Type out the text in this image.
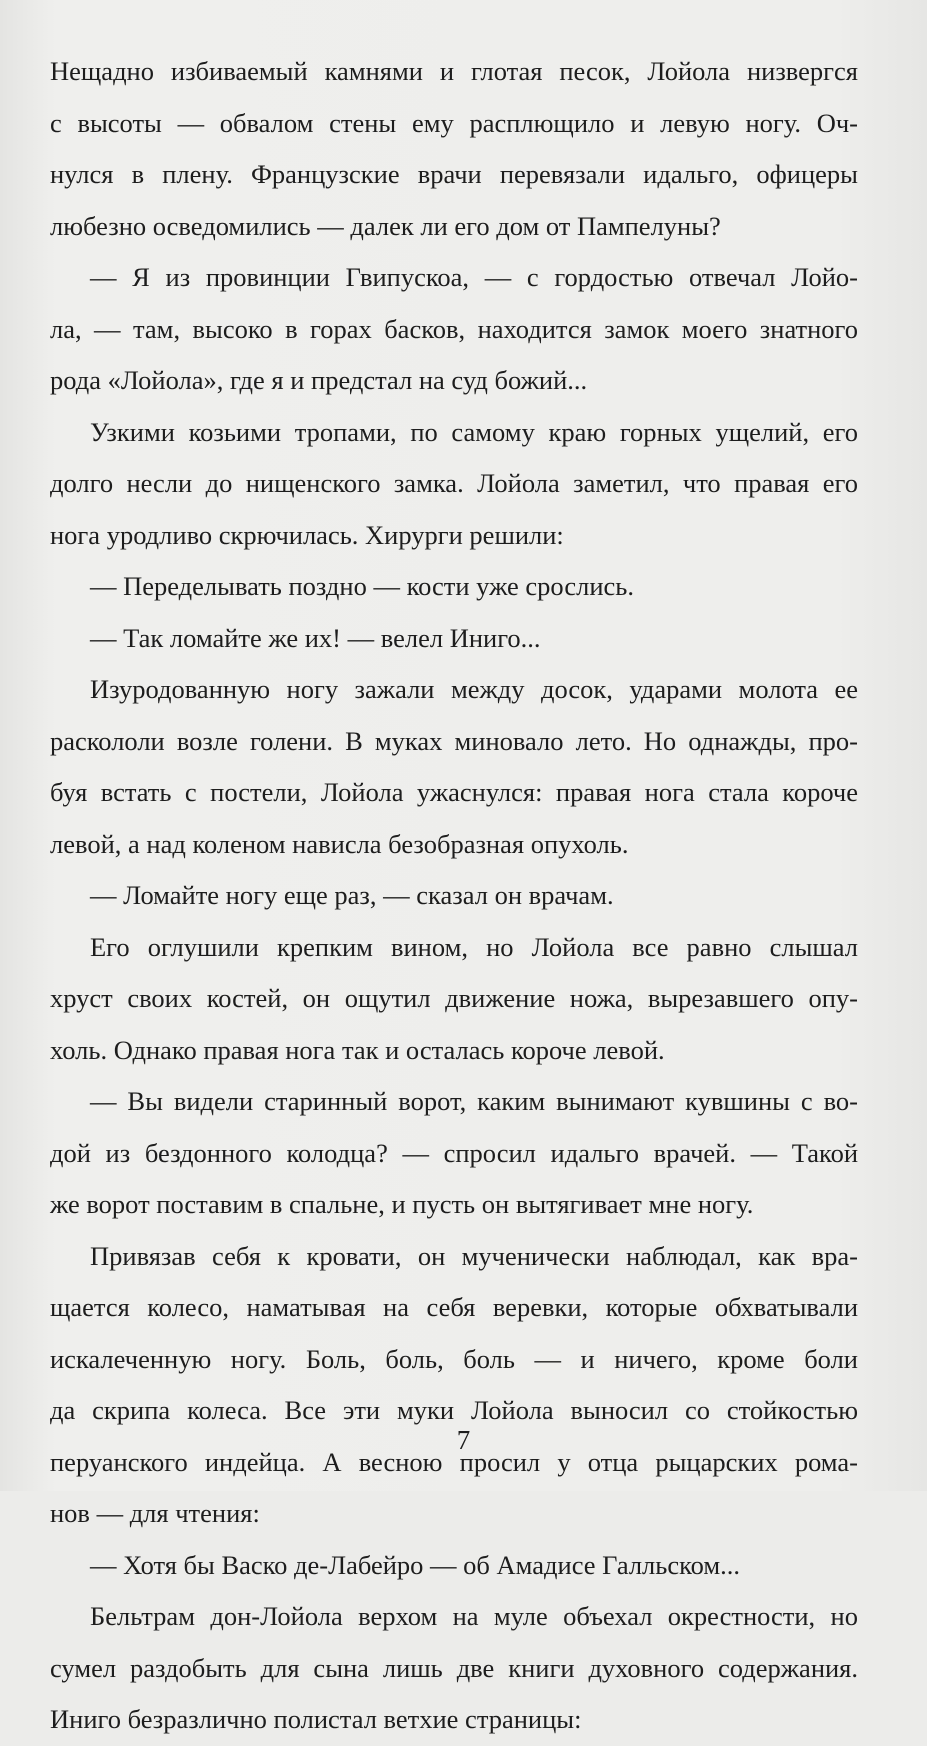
Нещадно избиваемый камнями и глотая песок, Лойола низвергся
с высоты — обвалом стены ему расплющило и левую ногу. Оч-
нулся в плену. Французские врачи перевязали идальго, офицеры
любезно осведомились — далек ли его дом от Пампелуны?
— Я из провинции Гвипускоа, — с гордостью отвечал Лойо-
ла, — там, высоко в горах басков, находится замок моего знатного
рода «Лойола», где я и предстал на суд божий...
Узкими козьими тропами, по самому краю горных ущелий, его
долго несли до нищенского замка. Лойола заметил, что правая его
нога уродливо скрючилась. Хирурги решили:
— Переделывать поздно — кости уже срослись.
— Так ломайте же их! — велел Иниго...
Изуродованную ногу зажали между досок, ударами молота ее
раскололи возле голени. В муках миновало лето. Но однажды, про-
буя встать с постели, Лойола ужаснулся: правая нога стала короче
левой, а над коленом нависла безобразная опухоль.
— Ломайте ногу еще раз, — сказал он врачам.
Его оглушили крепким вином, но Лойола все равно слышал
хруст своих костей, он ощутил движение ножа, вырезавшего опу-
холь. Однако правая нога так и осталась короче левой.
— Вы видели старинный ворот, каким вынимают кувшины с во-
дой из бездонного колодца? — спросил идальго врачей. — Такой
же ворот поставим в спальне, и пусть он вытягивает мне ногу.
Привязав себя к кровати, он мученически наблюдал, как вра-
щается колесо, наматывая на себя веревки, которые обхватывали
искалеченную ногу. Боль, боль, боль — и ничего, кроме боли
да скрипа колеса. Все эти муки Лойола выносил со стойкостью
перуанского индейца. А весною просил у отца рыцарских рома-
нов — для чтения:
— Хотя бы Васко де-Лабейро — об Амадисе Галльском...
Бельтрам дон-Лойола верхом на муле объехал окрестности, но
сумел раздобыть для сына лишь две книги духовного содержания.
Иниго безразлично полистал ветхие страницы:
7
